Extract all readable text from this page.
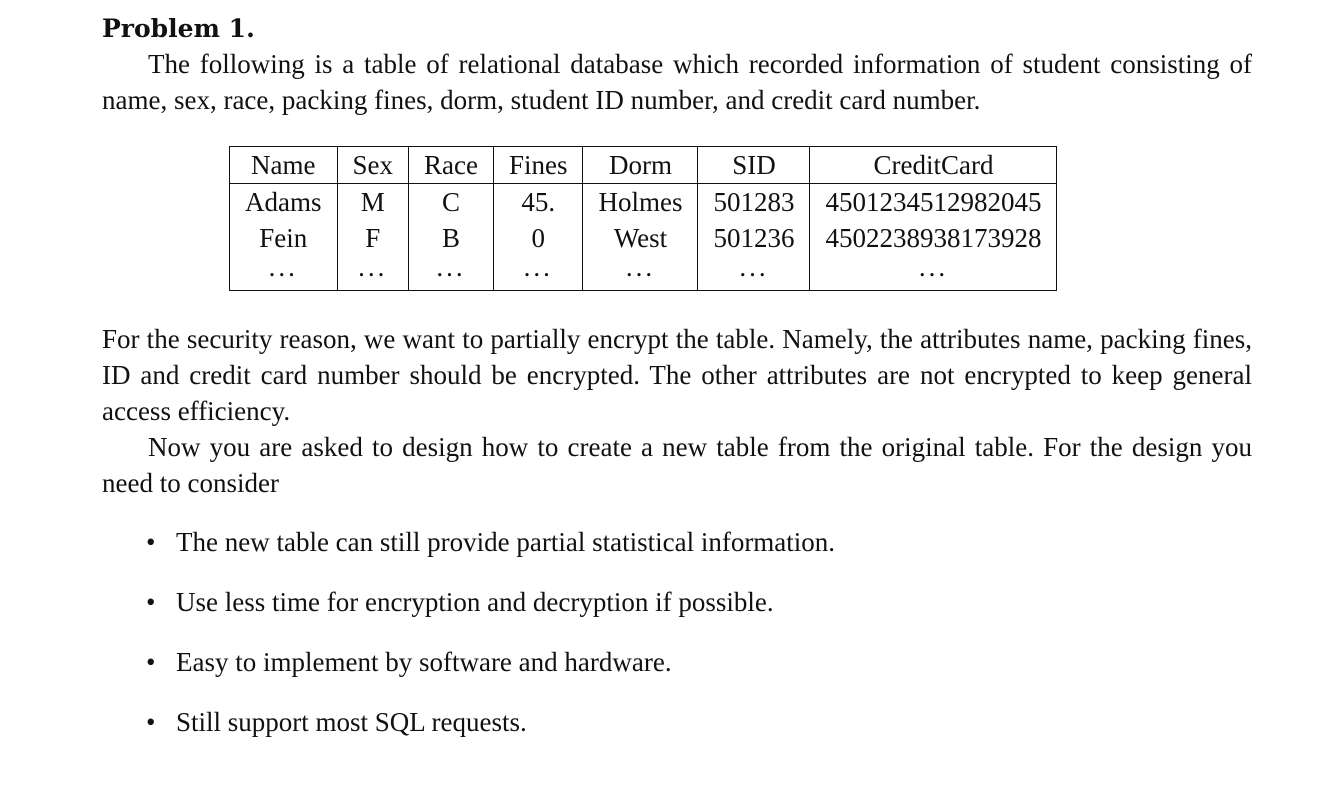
Problem 1.

The following is a table of relational database which recorded information of student consisting of name, sex, race, packing fines, dorm, student ID number, and credit card number.

Name	Sex	Race	Fines	Dorm	SID	CreditCard
Adams	M	C	45.	Holmes	501283	4501234512982045
Fein	F	B	0	West	501236	4502238938173928
...	...	...	...	...	...	...

For the security reason, we want to partially encrypt the table. Namely, the attributes name, packing fines, ID and credit card number should be encrypted. The other attributes are not encrypted to keep general access efficiency.

Now you are asked to design how to create a new table from the original table. For the design you need to consider

• The new table can still provide partial statistical information.
• Use less time for encryption and decryption if possible.
• Easy to implement by software and hardware.
• Still support most SQL requests.
